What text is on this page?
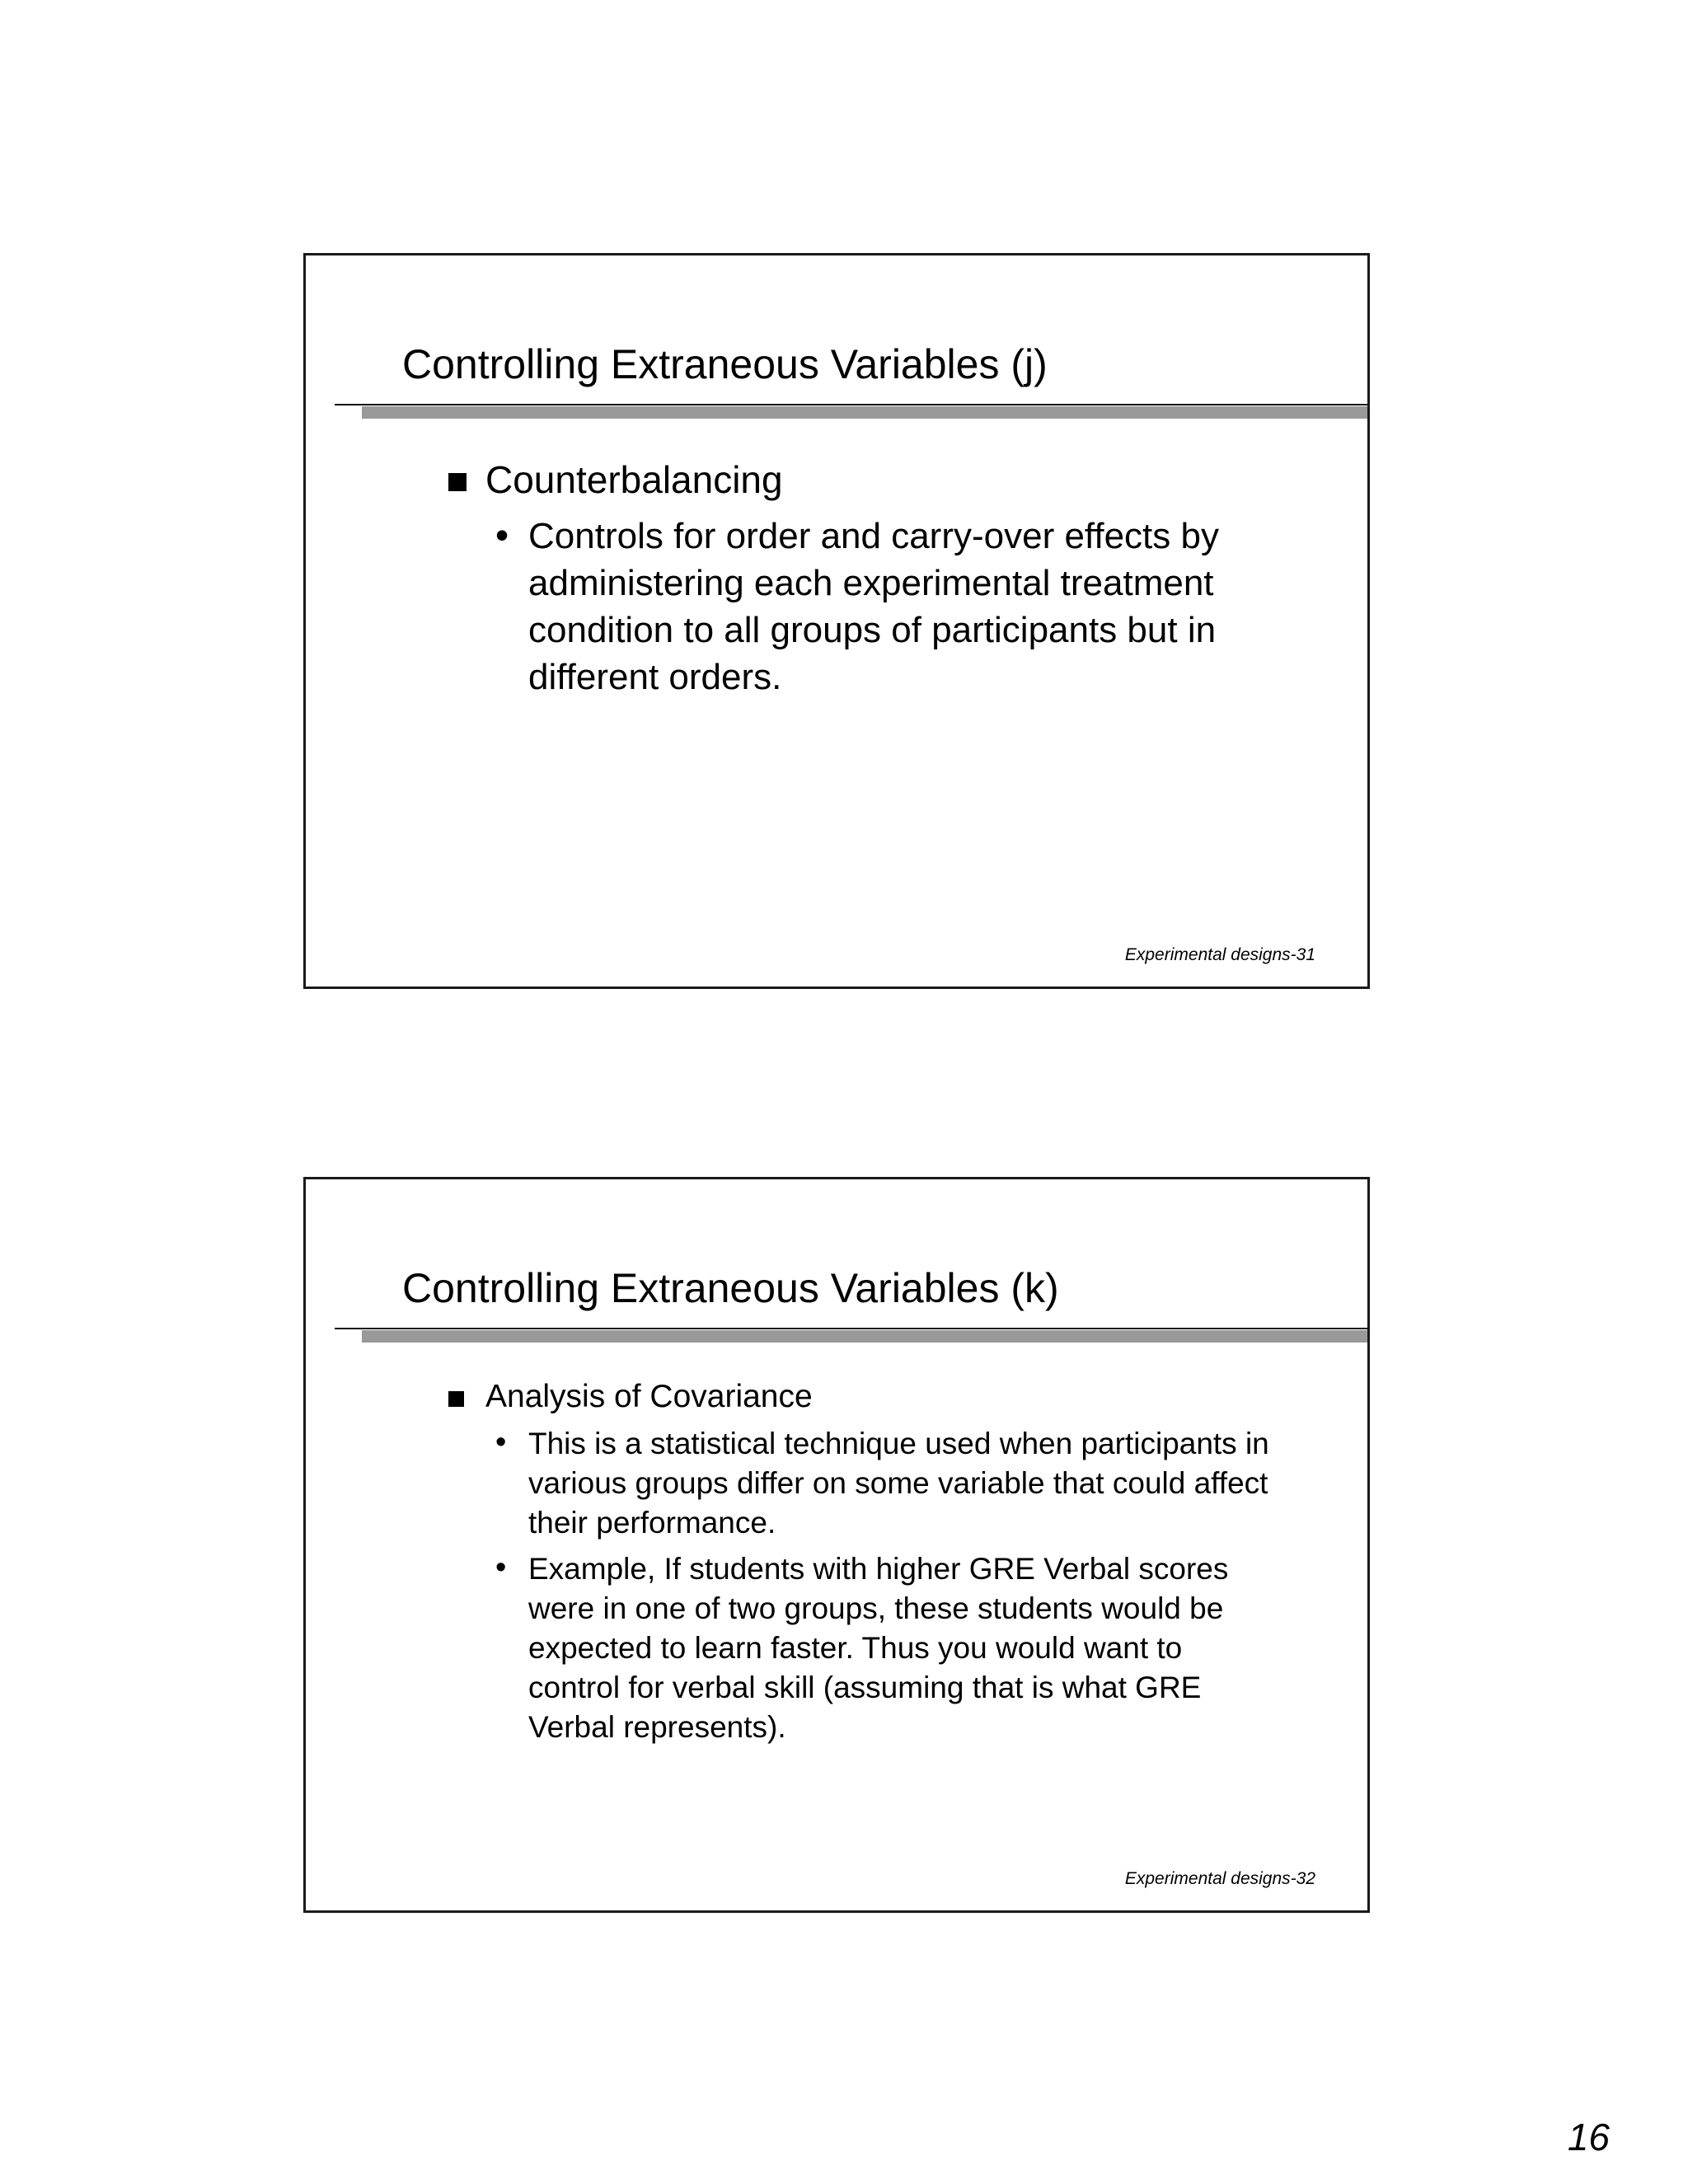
Controlling Extraneous Variables (j)
Counterbalancing
• Controls for order and carry-over effects by administering each experimental treatment condition to all groups of participants but in different orders.
Experimental designs-31
Controlling Extraneous Variables (k)
Analysis of Covariance
• This is a statistical technique used when participants in various groups differ on some variable that could affect their performance.
• Example, If students with higher GRE Verbal scores were in one of two groups, these students would be expected to learn faster. Thus you would want to control for verbal skill (assuming that is what GRE Verbal represents).
Experimental designs-32
16
